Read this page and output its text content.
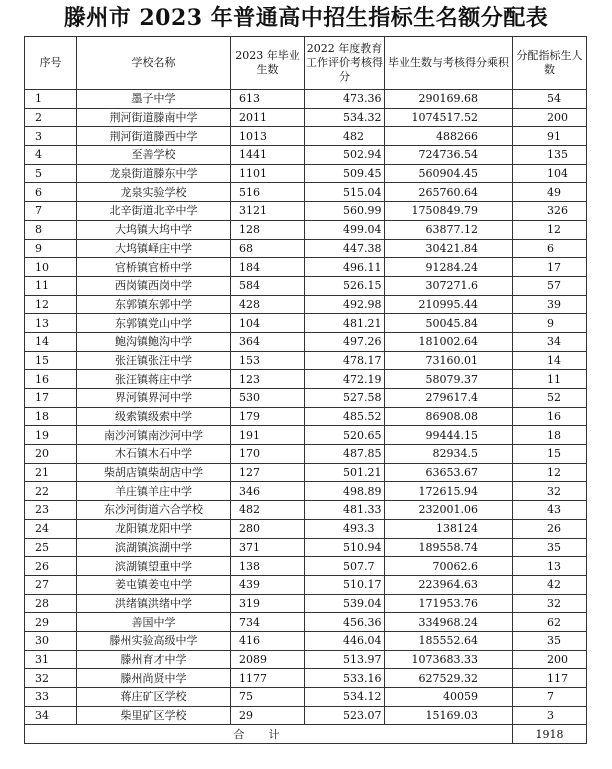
滕州市 2023 年普通高中招生指标生名额分配表
序号	学校名称	2023 年毕业生数	2022 年度教育工作评价考核得分	毕业生数与考核得分乘积	分配指标生人数
1	墨子中学	613	473.36	290169.68	54
2	荆河街道滕南中学	2011	534.32	1074517.52	200
3	荆河街道滕西中学	1013	482	488266	91
4	至善学校	1441	502.94	724736.54	135
5	龙泉街道滕东中学	1101	509.45	560904.45	104
6	龙泉实验学校	516	515.04	265760.64	49
7	北辛街道北辛中学	3121	560.99	1750849.79	326
8	大坞镇大坞中学	128	499.04	63877.12	12
9	大坞镇峄庄中学	68	447.38	30421.84	6
10	官桥镇官桥中学	184	496.11	91284.24	17
11	西岗镇西岗中学	584	526.15	307271.6	57
12	东郭镇东郭中学	428	492.98	210995.44	39
13	东郭镇党山中学	104	481.21	50045.84	9
14	鲍沟镇鲍沟中学	364	497.26	181002.64	34
15	张汪镇张汪中学	153	478.17	73160.01	14
16	张汪镇蒋庄中学	123	472.19	58079.37	11
17	界河镇界河中学	530	527.58	279617.4	52
18	级索镇级索中学	179	485.52	86908.08	16
19	南沙河镇南沙河中学	191	520.65	99444.15	18
20	木石镇木石中学	170	487.85	82934.5	15
21	柴胡店镇柴胡店中学	127	501.21	63653.67	12
22	羊庄镇羊庄中学	346	498.89	172615.94	32
23	东沙河街道六合学校	482	481.33	232001.06	43
24	龙阳镇龙阳中学	280	493.3	138124	26
25	滨湖镇滨湖中学	371	510.94	189558.74	35
26	滨湖镇望重中学	138	507.7	70062.6	13
27	姜屯镇姜屯中学	439	510.17	223964.63	42
28	洪绪镇洪绪中学	319	539.04	171953.76	32
29	善国中学	734	456.36	334968.24	62
30	滕州实验高级中学	416	446.04	185552.64	35
31	滕州育才中学	2089	513.97	1073683.33	200
32	滕州尚贤中学	1177	533.16	627529.32	117
33	蒋庄矿区学校	75	534.12	40059	7
34	柴里矿区学校	29	523.07	15169.03	3
合计					1918
